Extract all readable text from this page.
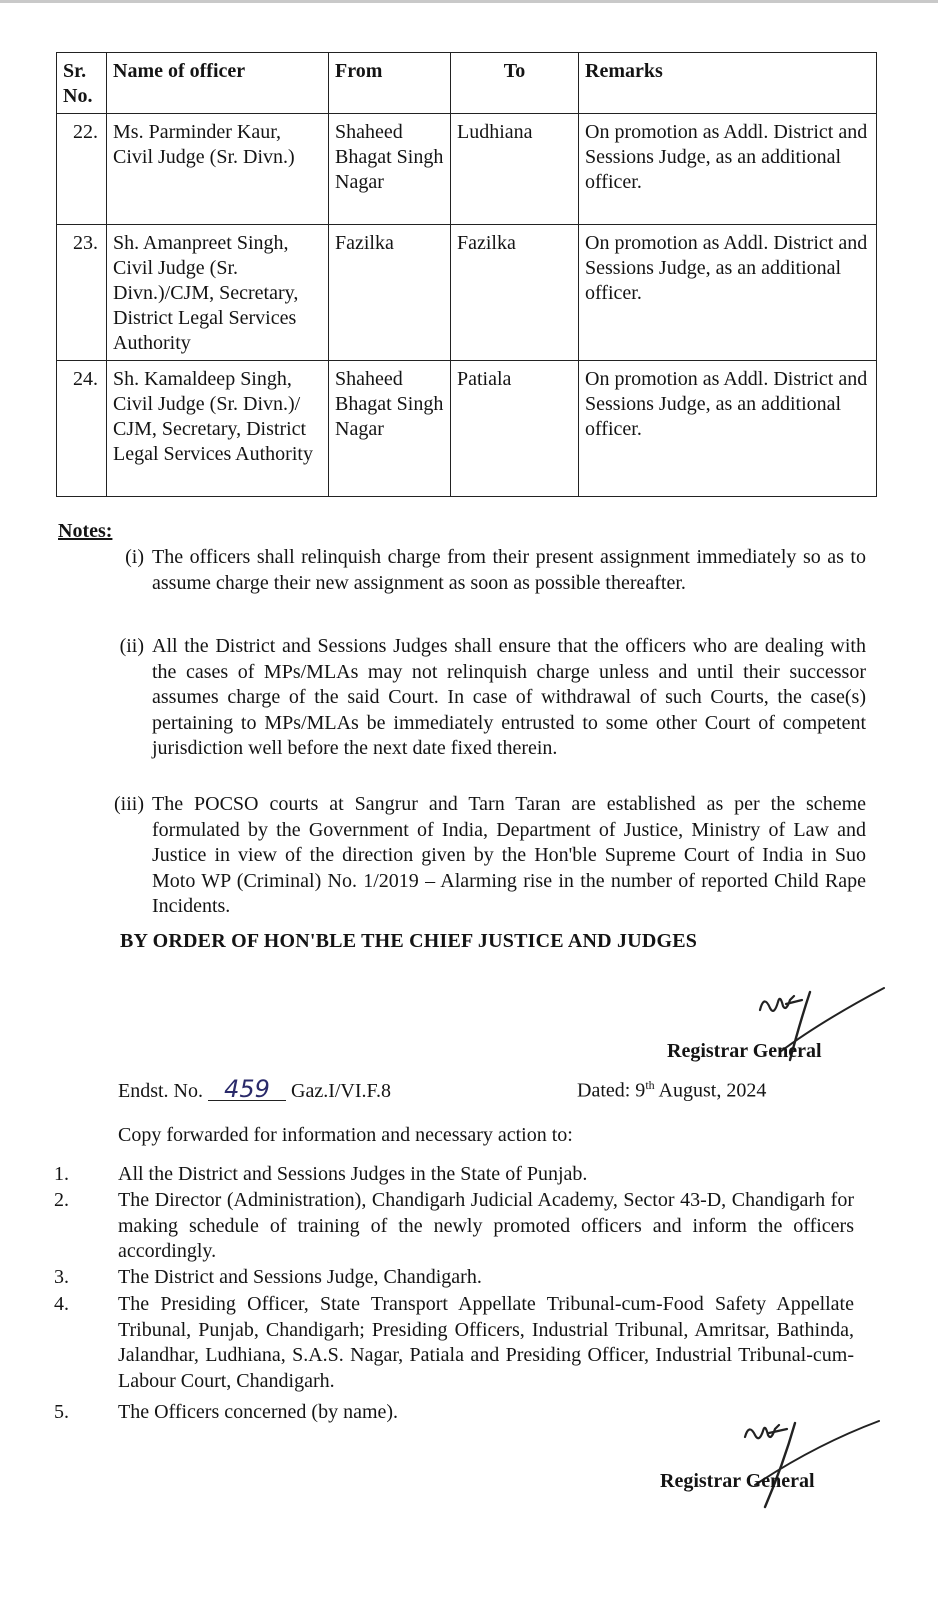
Sr. No.	Name of officer	From	To	Remarks
22.	Ms. Parminder Kaur, Civil Judge (Sr. Divn.)	Shaheed Bhagat Singh Nagar	Ludhiana	On promotion as Addl. District and Sessions Judge, as an additional officer.
23.	Sh. Amanpreet Singh, Civil Judge (Sr. Divn.)/CJM, Secretary, District Legal Services Authority	Fazilka	Fazilka	On promotion as Addl. District and Sessions Judge, as an additional officer.
24.	Sh. Kamaldeep Singh, Civil Judge (Sr. Divn.)/ CJM, Secretary, District Legal Services Authority	Shaheed Bhagat Singh Nagar	Patiala	On promotion as Addl. District and Sessions Judge, as an additional officer.
Notes:
(i) The officers shall relinquish charge from their present assignment immediately so as to assume charge their new assignment as soon as possible thereafter.
(ii) All the District and Sessions Judges shall ensure that the officers who are dealing with the cases of MPs/MLAs may not relinquish charge unless and until their successor assumes charge of the said Court. In case of withdrawal of such Courts, the case(s) pertaining to MPs/MLAs be immediately entrusted to some other Court of competent jurisdiction well before the next date fixed therein.
(iii) The POCSO courts at Sangrur and Tarn Taran are established as per the scheme formulated by the Government of India, Department of Justice, Ministry of Law and Justice in view of the direction given by the Hon'ble Supreme Court of India in Suo Moto WP (Criminal) No. 1/2019 – Alarming rise in the number of reported Child Rape Incidents.
BY ORDER OF HON'BLE THE CHIEF JUSTICE AND JUDGES
Registrar General
Endst. No. 459 Gaz.I/VI.F.8	Dated: 9th August, 2024
Copy forwarded for information and necessary action to:
1. All the District and Sessions Judges in the State of Punjab.
2. The Director (Administration), Chandigarh Judicial Academy, Sector 43-D, Chandigarh for making schedule of training of the newly promoted officers and inform the officers accordingly.
3. The District and Sessions Judge, Chandigarh.
4. The Presiding Officer, State Transport Appellate Tribunal-cum-Food Safety Appellate Tribunal, Punjab, Chandigarh; Presiding Officers, Industrial Tribunal, Amritsar, Bathinda, Jalandhar, Ludhiana, S.A.S. Nagar, Patiala and Presiding Officer, Industrial Tribunal-cum-Labour Court, Chandigarh.
5. The Officers concerned (by name).
Registrar General
